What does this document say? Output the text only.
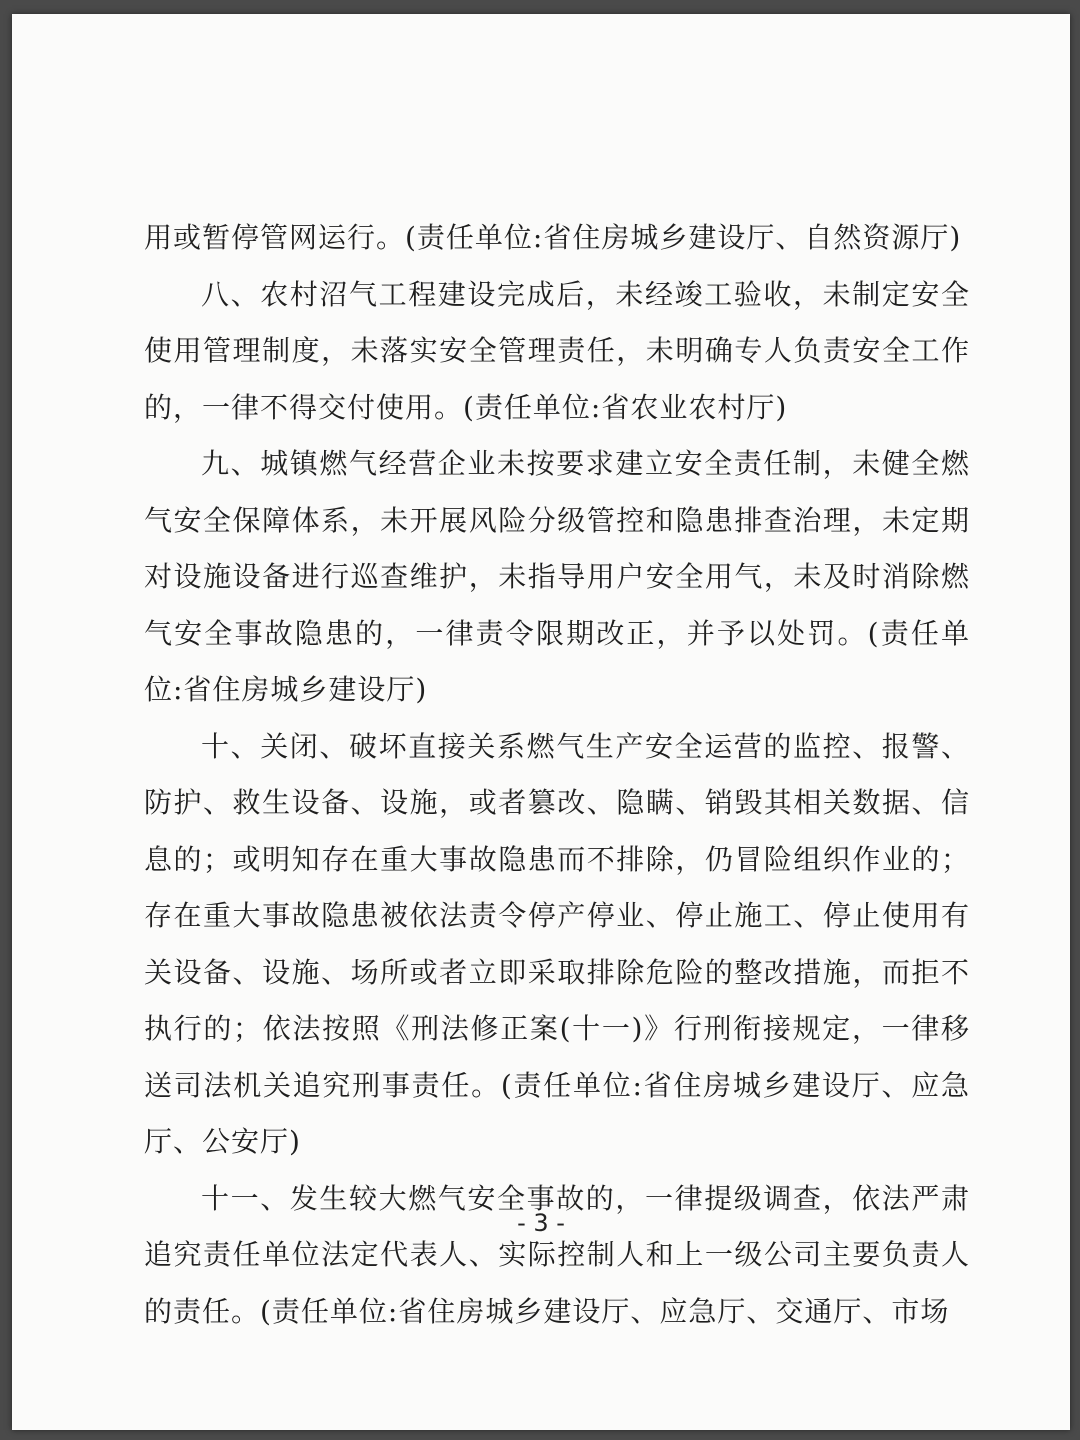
用或暂停管网运行。(责任单位:省住房城乡建设厅、自然资源厅)

八、农村沼气工程建设完成后，未经竣工验收，未制定安全使用管理制度，未落实安全管理责任，未明确专人负责安全工作的，一律不得交付使用。(责任单位:省农业农村厅)

九、城镇燃气经营企业未按要求建立安全责任制，未健全燃气安全保障体系，未开展风险分级管控和隐患排查治理，未定期对设施设备进行巡查维护，未指导用户安全用气，未及时消除燃气安全事故隐患的，一律责令限期改正，并予以处罚。(责任单位:省住房城乡建设厅)

十、关闭、破坏直接关系燃气生产安全运营的监控、报警、防护、救生设备、设施，或者篡改、隐瞒、销毁其相关数据、信息的；或明知存在重大事故隐患而不排除，仍冒险组织作业的；存在重大事故隐患被依法责令停产停业、停止施工、停止使用有关设备、设施、场所或者立即采取排除危险的整改措施，而拒不执行的；依法按照《刑法修正案(十一)》行刑衔接规定，一律移送司法机关追究刑事责任。(责任单位:省住房城乡建设厅、应急厅、公安厅)

十一、发生较大燃气安全事故的，一律提级调查，依法严肃追究责任单位法定代表人、实际控制人和上一级公司主要负责人的责任。(责任单位:省住房城乡建设厅、应急厅、交通厅、市场

- 3 -
